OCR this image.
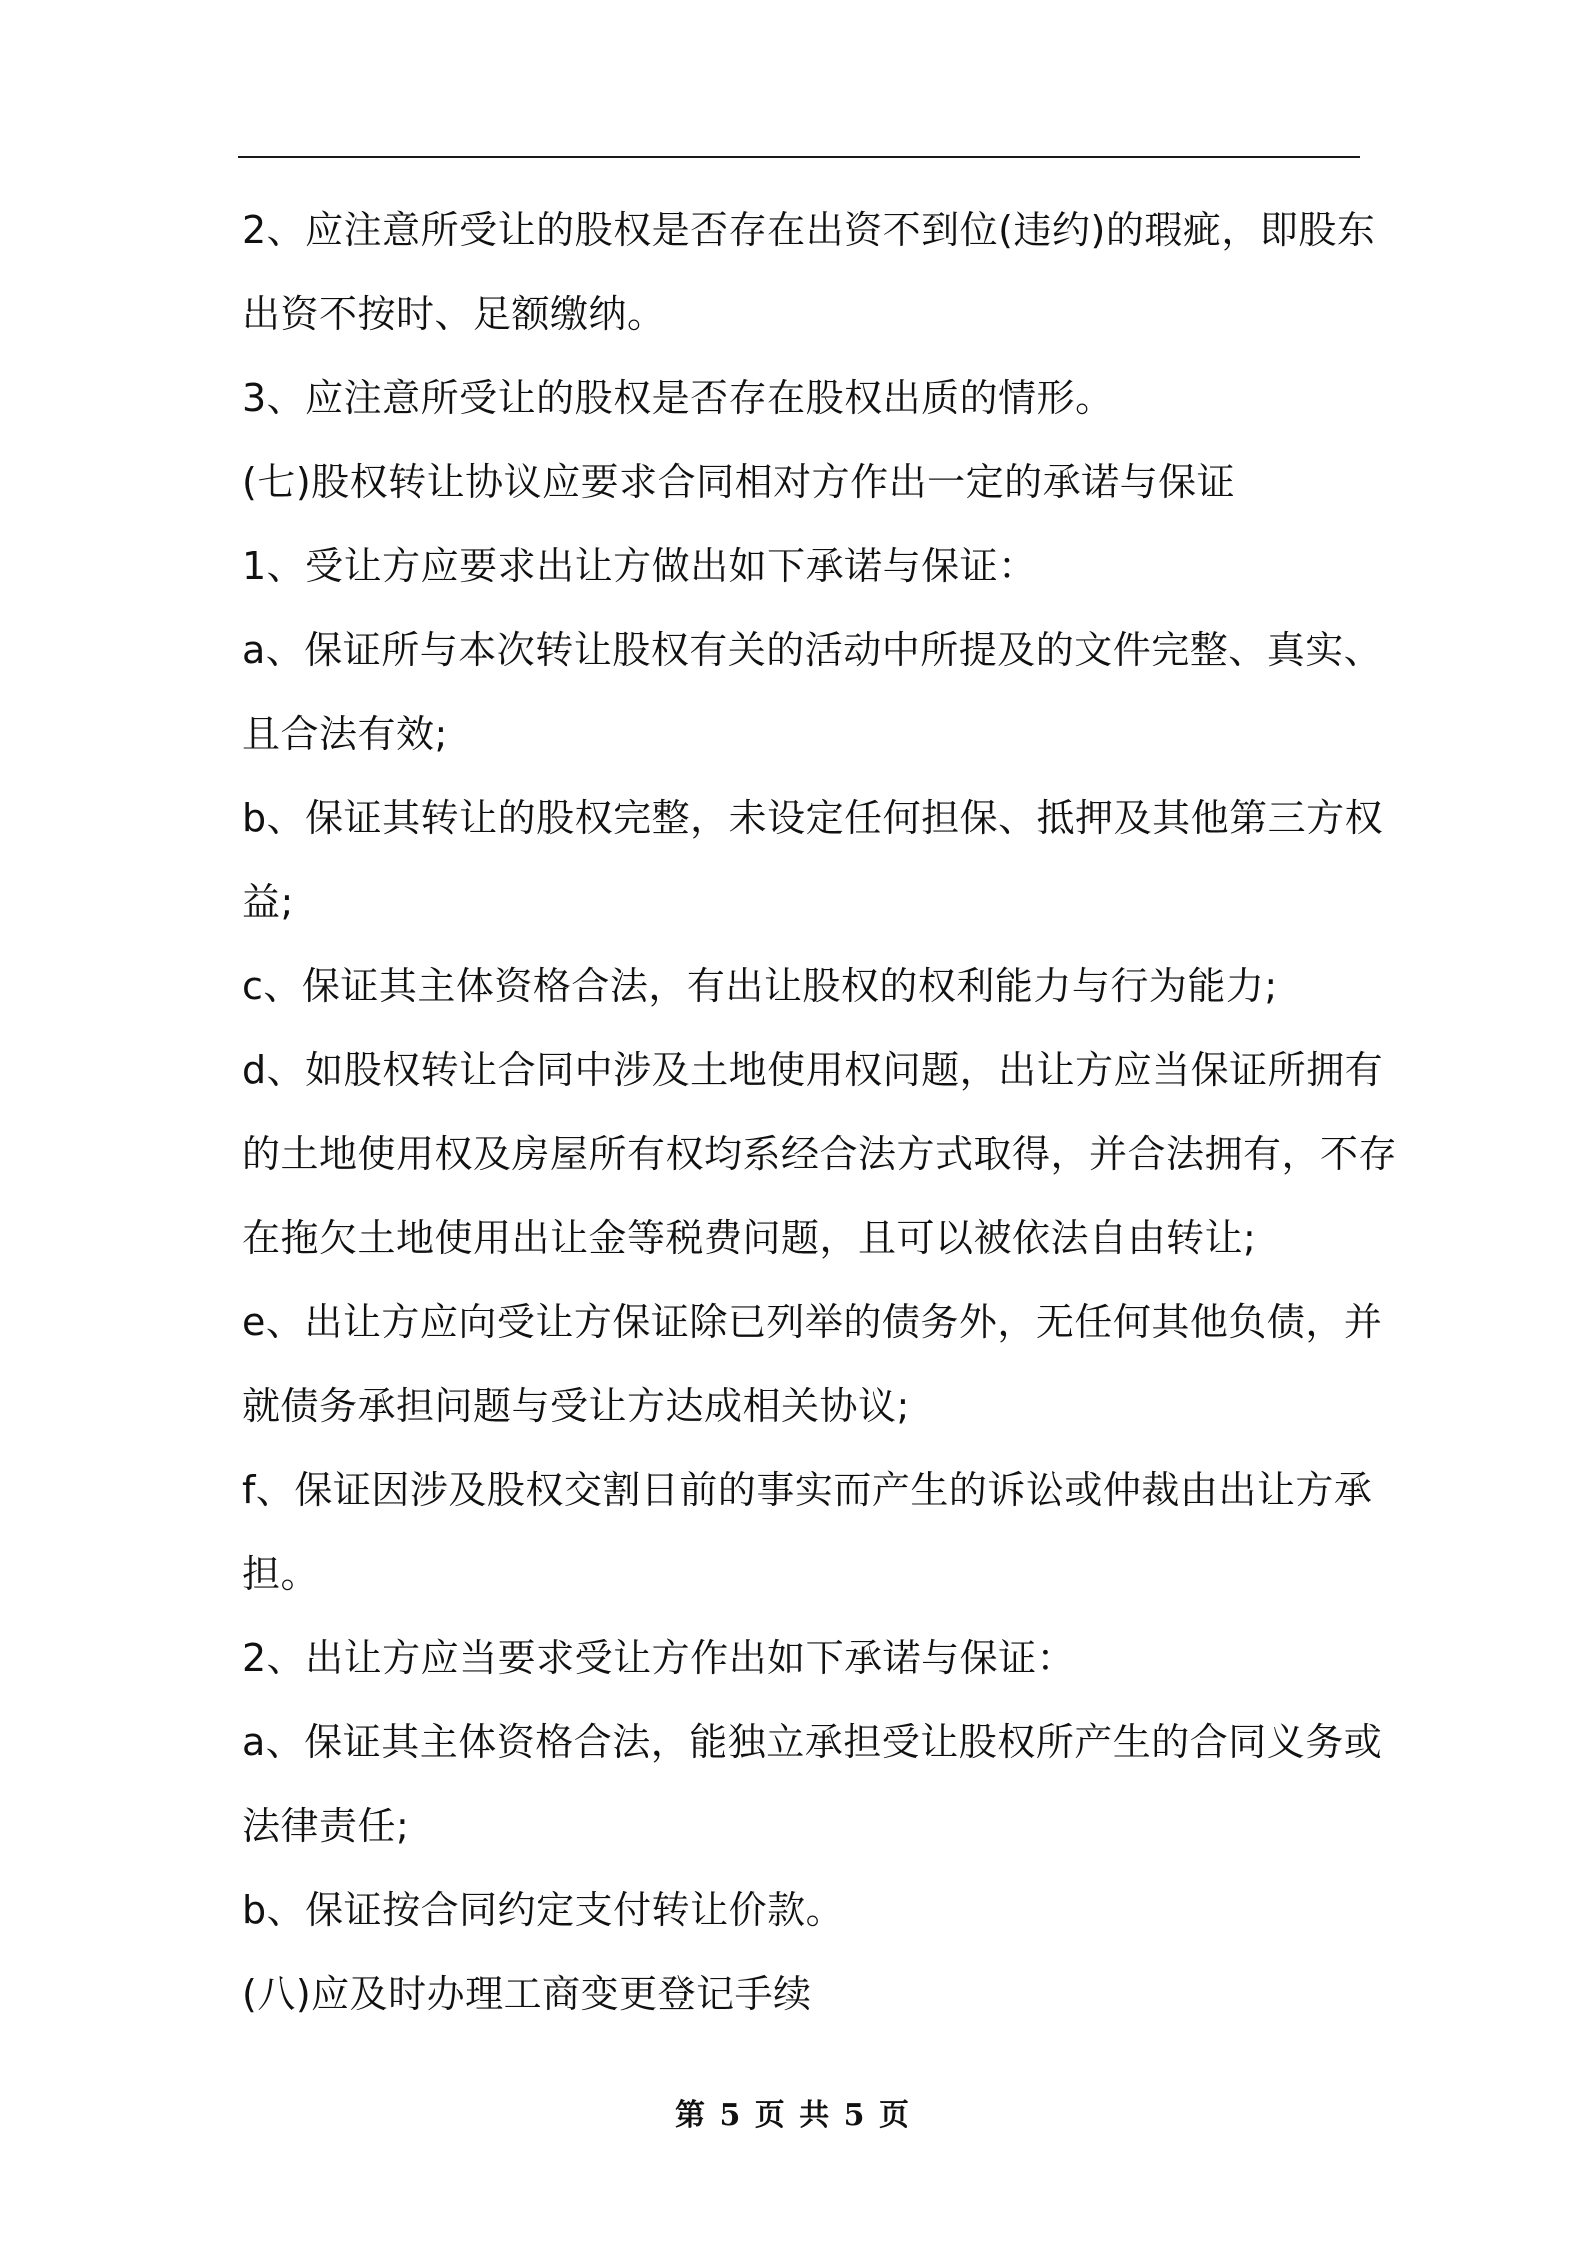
2、应注意所受让的股权是否存在出资不到位(违约)的瑕疵，即股东
出资不按时、足额缴纳。
3、应注意所受让的股权是否存在股权出质的情形。
(七)股权转让协议应要求合同相对方作出一定的承诺与保证
1、受让方应要求出让方做出如下承诺与保证：
a、保证所与本次转让股权有关的活动中所提及的文件完整、真实、
且合法有效;
b、保证其转让的股权完整，未设定任何担保、抵押及其他第三方权
益;
c、保证其主体资格合法，有出让股权的权利能力与行为能力;
d、如股权转让合同中涉及土地使用权问题，出让方应当保证所拥有
的土地使用权及房屋所有权均系经合法方式取得，并合法拥有，不存
在拖欠土地使用出让金等税费问题，且可以被依法自由转让;
e、出让方应向受让方保证除已列举的债务外，无任何其他负债，并
就债务承担问题与受让方达成相关协议;
f、保证因涉及股权交割日前的事实而产生的诉讼或仲裁由出让方承
担。
2、出让方应当要求受让方作出如下承诺与保证：
a、保证其主体资格合法，能独立承担受让股权所产生的合同义务或
法律责任;
b、保证按合同约定支付转让价款。
(八)应及时办理工商变更登记手续
第 5 页 共 5 页
